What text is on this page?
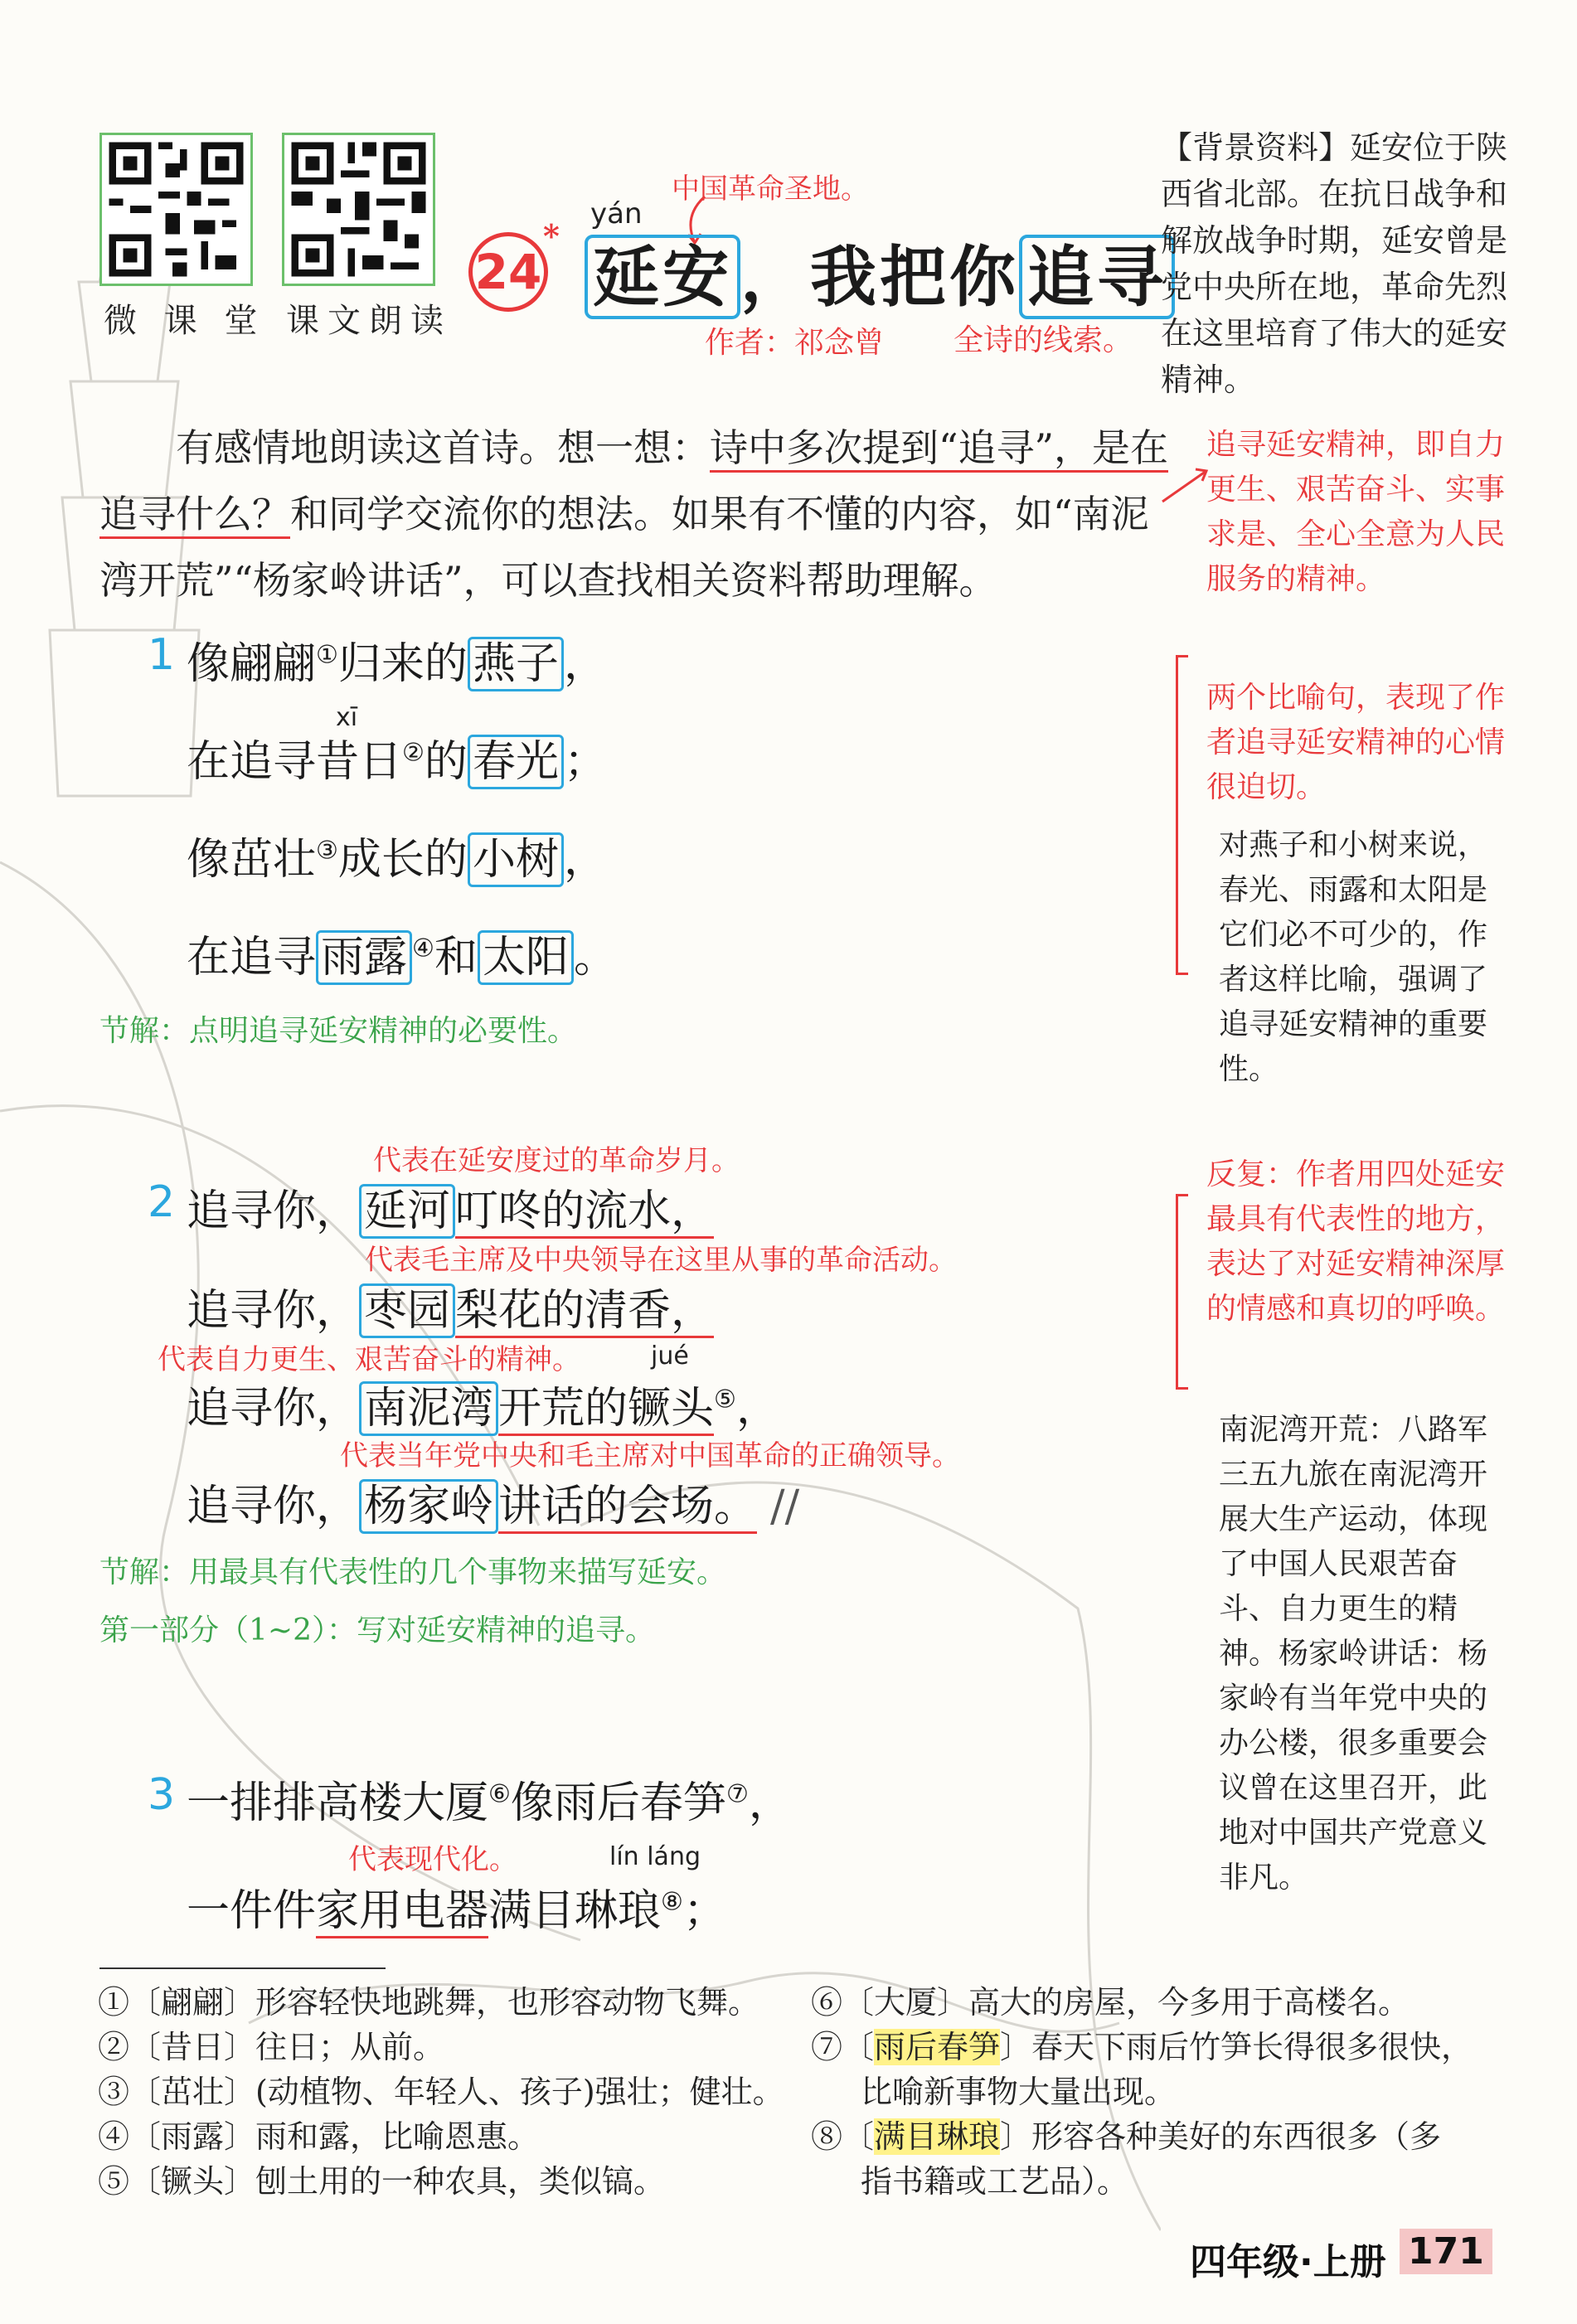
微 课 堂 课文朗读
24
*
yán
中国革命圣地。
延安 ，我把你 追寻
作者：祁念曾 全诗的线索。
【背景资料】延安位于陕西省北部。在抗日战争和解放战争时期，延安曾是党中央所在地，革命先烈在这里培育了伟大的延安精神。
有感情地朗读这首诗。想一想：诗中多次提到“追寻”，是在追寻什么？和同学交流你的想法。如果有不懂的内容，如“南泥湾开荒”“杨家岭讲话”，可以查找相关资料帮助理解。
追寻延安精神，即自力更生、艰苦奋斗、实事求是、全心全意为人民服务的精神。
1 像翩翩①归来的 燕子 ，
xī
在追寻昔日②的 春光 ；
像茁壮③成长的 小树 ，
在追寻 雨露 ④和 太阳 。
节解：点明追寻延安精神的必要性。
两个比喻句，表现了作者追寻延安精神的心情很迫切。
对燕子和小树来说，春光、雨露和太阳是它们必不可少的，作者这样比喻，强调了追寻延安精神的重要性。
代表在延安度过的革命岁月。
2 追寻你， 延河 叮咚的流水，
代表毛主席及中央领导在这里从事的革命活动。
追寻你， 枣园 梨花的清香，
代表自力更生、艰苦奋斗的精神。	jué
追寻你， 南泥湾 开荒的镢头⑤，
代表当年党中央和毛主席对中国革命的正确领导。
追寻你， 杨家岭 讲话的会场。 //
节解：用最具有代表性的几个事物来描写延安。
第一部分（1~2）：写对延安精神的追寻。
反复：作者用四处延安最具有代表性的地方，表达了对延安精神深厚的情感和真切的呼唤。
南泥湾开荒：八路军三五九旅在南泥湾开展大生产运动，体现了中国人民艰苦奋斗、自力更生的精神。杨家岭讲话：杨家岭有当年党中央的办公楼，很多重要会议曾在这里召开，此地对中国共产党意义非凡。
3 一排排高楼大厦⑥像雨后春笋⑦，
代表现代化。	lín láng
一件件家用电器满目琳琅⑧；
①〔翩翩〕形容轻快地跳舞，也形容动物飞舞。
②〔昔日〕往日；从前。
③〔茁壮〕(动植物、年轻人、孩子)强壮；健壮。
④〔雨露〕雨和露，比喻恩惠。
⑤〔镢头〕刨土用的一种农具，类似镐。
⑥〔大厦〕高大的房屋，今多用于高楼名。
⑦〔雨后春笋〕春天下雨后竹笋长得很多很快，
比喻新事物大量出现。
⑧〔满目琳琅〕形容各种美好的东西很多（多
指书籍或工艺品）。
四年级·上册 171
